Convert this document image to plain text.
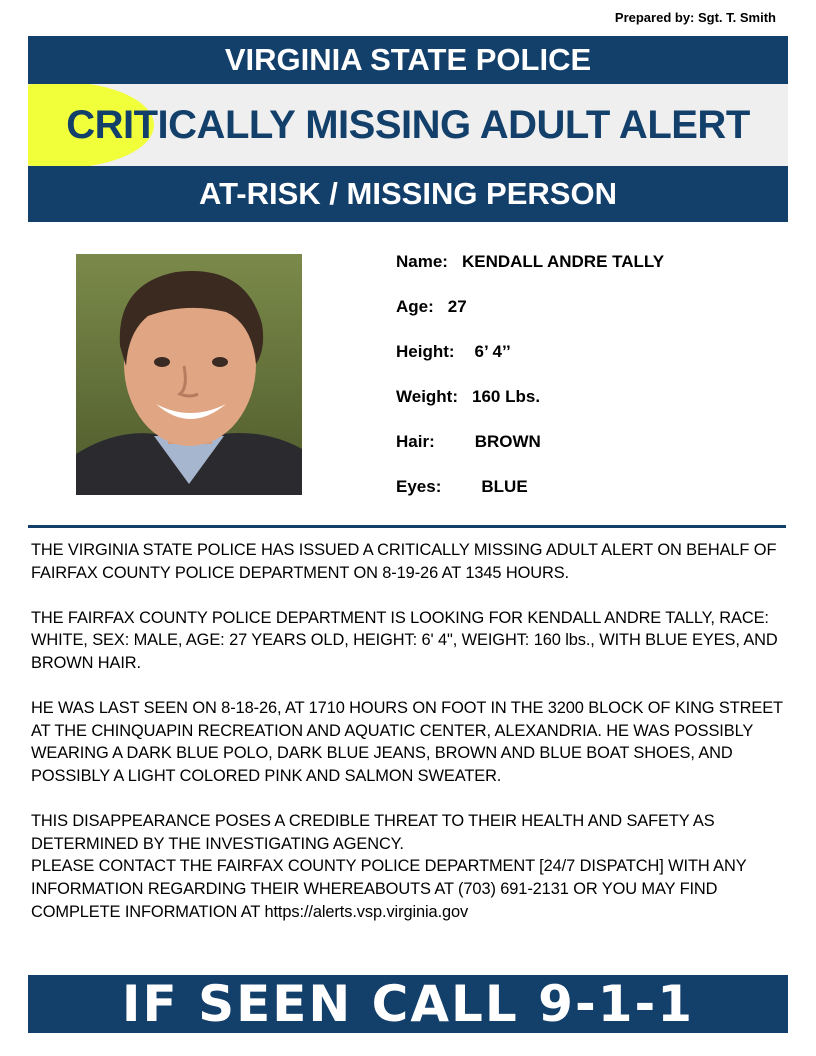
Prepared by: Sgt. T. Smith
VIRGINIA STATE POLICE
CRITICALLY MISSING ADULT ALERT
AT-RISK / MISSING PERSON
Name: KENDALL ANDRE TALLY
Age: 27
Height: 6’ 4’’
Weight: 160 Lbs.
Hair: BROWN
Eyes: BLUE

THE VIRGINIA STATE POLICE HAS ISSUED A CRITICALLY MISSING ADULT ALERT ON BEHALF OF FAIRFAX COUNTY POLICE DEPARTMENT ON 8-19-26 AT 1345 HOURS.

THE FAIRFAX COUNTY POLICE DEPARTMENT IS LOOKING FOR KENDALL ANDRE TALLY, RACE: WHITE, SEX: MALE, AGE: 27 YEARS OLD, HEIGHT: 6' 4", WEIGHT: 160 lbs., WITH BLUE EYES, AND BROWN HAIR.

HE WAS LAST SEEN ON 8-18-26, AT 1710 HOURS ON FOOT IN THE 3200 BLOCK OF KING STREET AT THE CHINQUAPIN RECREATION AND AQUATIC CENTER, ALEXANDRIA. HE WAS POSSIBLY WEARING A DARK BLUE POLO, DARK BLUE JEANS, BROWN AND BLUE BOAT SHOES, AND POSSIBLY A LIGHT COLORED PINK AND SALMON SWEATER.

THIS DISAPPEARANCE POSES A CREDIBLE THREAT TO THEIR HEALTH AND SAFETY AS DETERMINED BY THE INVESTIGATING AGENCY.

PLEASE CONTACT THE FAIRFAX COUNTY POLICE DEPARTMENT [24/7 DISPATCH] WITH ANY INFORMATION REGARDING THEIR WHEREABOUTS AT (703) 691-2131 OR YOU MAY FIND COMPLETE INFORMATION AT https://alerts.vsp.virginia.gov

IF SEEN CALL 9-1-1
